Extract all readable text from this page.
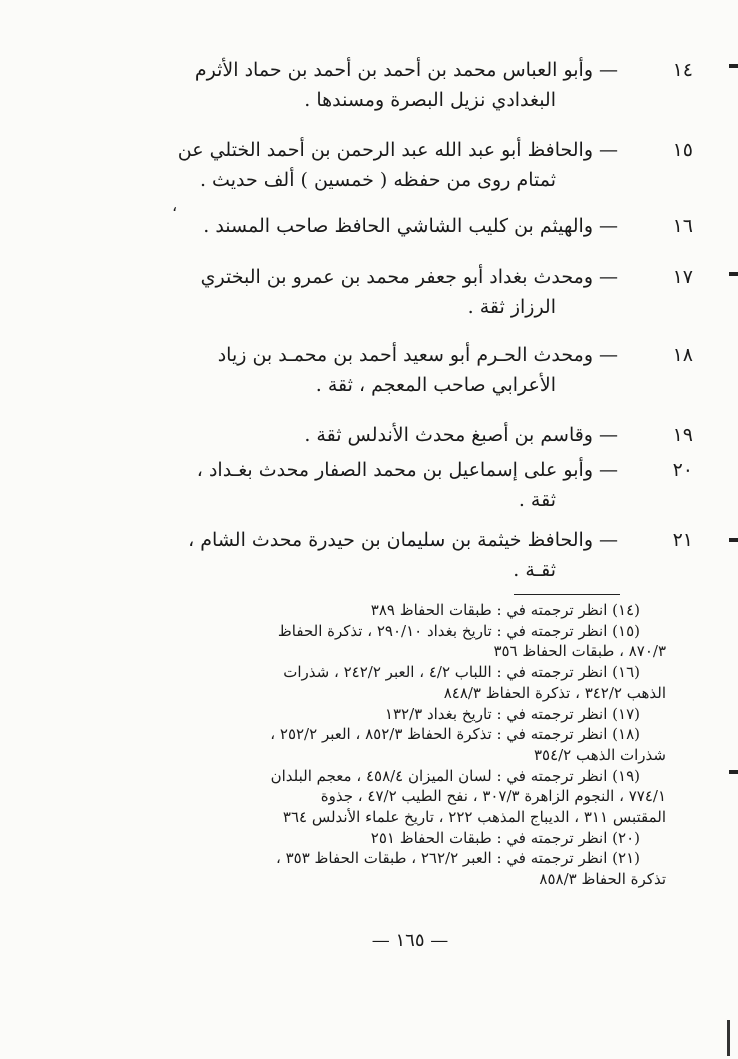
١٤
—وأبو العباس محمد بن أحمد بن أحمد بن حماد الأثرم
البغدادي نزيل البصرة ومسندها .
١٥
—والحافظ أبو عبد الله عبد الرحمن بن أحمد الختلي عن
ثمتام روى من حفظه ( خمسين ) ألف حديث .
١٦
—والهيثم بن كليب الشاشي الحافظ صاحب المسند .
١٧
—ومحدث بغداد أبو جعفر محمد بن عمرو بن البختري
الرزاز ثقة .
١٨
—ومحدث الحـرم أبو سعيد أحمد بن محمـد بن زياد
الأعرابي صاحب المعجم ، ثقة .
١٩
—وقاسم بن أصبغ محدث الأندلس ثقة .
٢٠
—وأبو على إسماعيل بن محمد الصفار محدث بغـداد ،
ثقة .
٢١
—والحافظ خيثمة بن سليمان بن حيدرة محدث الشام ،
ثقـة .
(١٤) انظر ترجمته في : طبقات الحفاظ ٣٨٩
(١٥) انظر ترجمته في : تاريخ بغداد ٢٩٠/١٠ ، تذكرة الحفاظ
٨٧٠/٣ ، طبقات الحفاظ ٣٥٦
(١٦) انظر ترجمته في : اللباب ٤/٢ ، العبر ٢٤٢/٢ ، شذرات
الذهب ٣٤٢/٢ ، تذكرة الحفاظ ٨٤٨/٣
(١٧) انظر ترجمته في : تاريخ بغداد ١٣٢/٣
(١٨) انظر ترجمته في : تذكرة الحفاظ ٨٥٢/٣ ، العبر ٢٥٢/٢ ،
شذرات الذهب ٣٥٤/٢
(١٩) انظر ترجمته في : لسان الميزان ٤٥٨/٤ ، معجم البلدان
٧٧٤/١ ، النجوم الزاهرة ٣٠٧/٣ ، نفح الطيب ٤٧/٢ ، جذوة
المقتبس ٣١١ ، الديباج المذهب ٢٢٢ ، تاريخ علماء الأندلس ٣٦٤
(٢٠) انظر ترجمته في : طبقات الحفاظ ٢٥١
(٢١) انظر ترجمته في : العبر ٢٦٢/٢ ، طبقات الحفاظ ٣٥٣ ،
تذكرة الحفاظ ٨٥٨/٣
— ١٦٥ —
،
